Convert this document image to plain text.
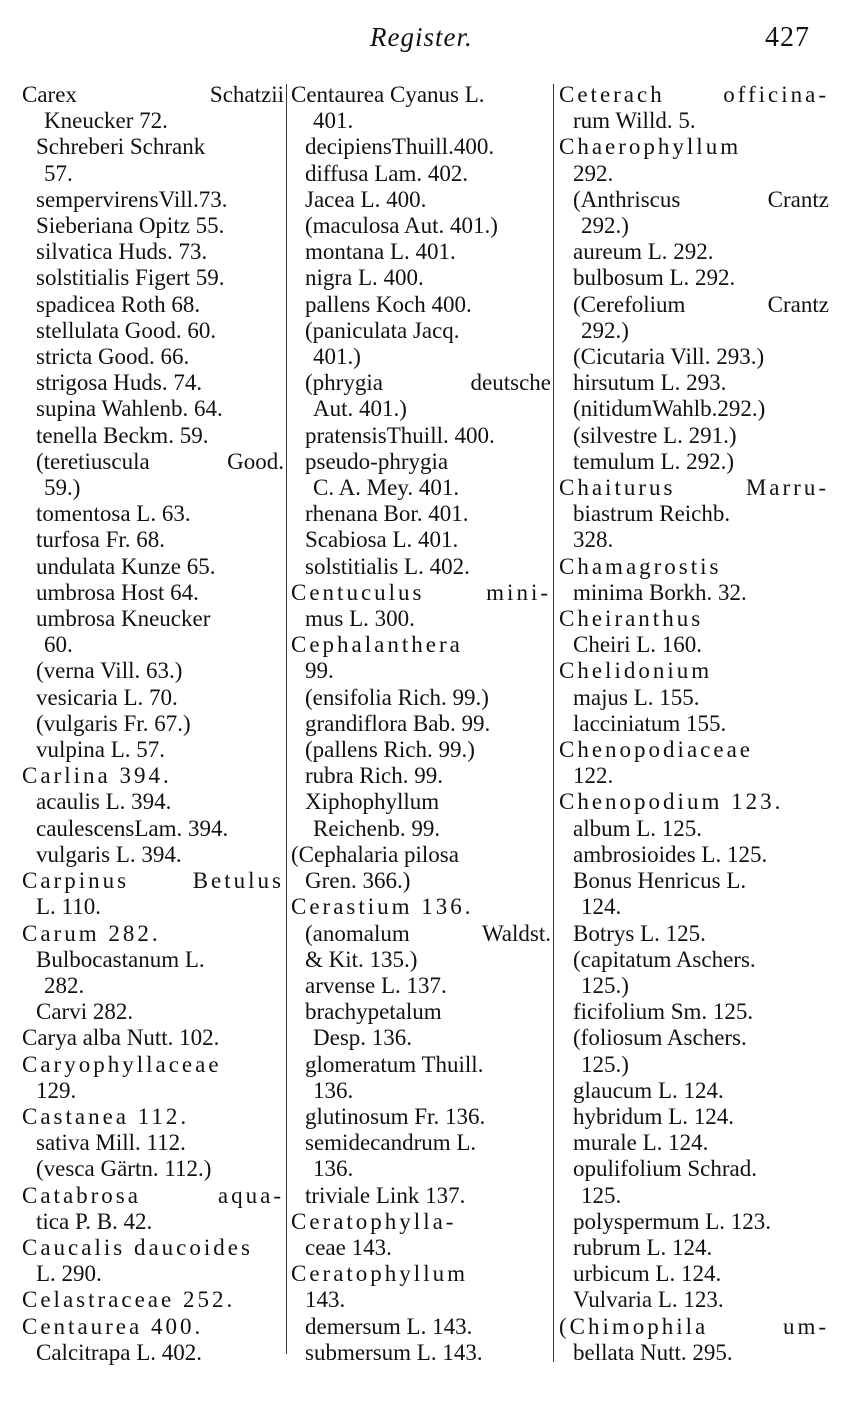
Register.	427
Carex Schatzii
Kneucker 72.
Schreberi Schrank
57.
sempervirensVill.73.
Sieberiana Opitz 55.
silvatica Huds. 73.
solstitialis Figert 59.
spadicea Roth 68.
stellulata Good. 60.
stricta Good. 66.
strigosa Huds. 74.
supina Wahlenb. 64.
tenella Beckm. 59.
(teretiuscula Good.
59.)
tomentosa L. 63.
turfosa Fr. 68.
undulata Kunze 65.
umbrosa Host 64.
umbrosa Kneucker
60.
(verna Vill. 63.)
vesicaria L. 70.
(vulgaris Fr. 67.)
vulpina L. 57.
Carlina 394.
acaulis L. 394.
caulescensLam. 394.
vulgaris L. 394.
Carpinus Betulus
L. 110.
Carum 282.
Bulbocastanum L.
282.
Carvi 282.
Carya alba Nutt. 102.
Caryophyllaceae
129.
Castanea 112.
sativa Mill. 112.
(vesca Gärtn. 112.)
Catabrosa aqua-
tica P. B. 42.
Caucalis daucoides
L. 290.
Celastraceae 252.
Centaurea 400.
Calcitrapa L. 402.
Centaurea Cyanus L.
401.
decipiensThuill.400.
diffusa Lam. 402.
Jacea L. 400.
(maculosa Aut. 401.)
montana L. 401.
nigra L. 400.
pallens Koch 400.
(paniculata Jacq.
401.)
(phrygia deutsche
Aut. 401.)
pratensisThuill. 400.
pseudo-phrygia
C. A. Mey. 401.
rhenana Bor. 401.
Scabiosa L. 401.
solstitialis L. 402.
Centuculus mini-
mus L. 300.
Cephalanthera
99.
(ensifolia Rich. 99.)
grandiflora Bab. 99.
(pallens Rich. 99.)
rubra Rich. 99.
Xiphophyllum
Reichenb. 99.
(Cephalaria pilosa
Gren. 366.)
Cerastium 136.
(anomalum Waldst.
& Kit. 135.)
arvense L. 137.
brachypetalum
Desp. 136.
glomeratum Thuill.
136.
glutinosum Fr. 136.
semidecandrum L.
136.
triviale Link 137.
Ceratophylla-
ceae 143.
Ceratophyllum
143.
demersum L. 143.
submersum L. 143.
Ceterach officina-
rum Willd. 5.
Chaerophyllum
292.
(Anthriscus Crantz
292.)
aureum L. 292.
bulbosum L. 292.
(Cerefolium Crantz
292.)
(Cicutaria Vill. 293.)
hirsutum L. 293.
(nitidumWahlb.292.)
(silvestre L. 291.)
temulum L. 292.)
Chaiturus Marru-
biastrum Reichb.
328.
Chamagrostis
minima Borkh. 32.
Cheiranthus
Cheiri L. 160.
Chelidonium
majus L. 155.
lacciniatum 155.
Chenopodiaceae
122.
Chenopodium 123.
album L. 125.
ambrosioides L. 125.
Bonus Henricus L.
124.
Botrys L. 125.
(capitatum Aschers.
125.)
ficifolium Sm. 125.
(foliosum Aschers.
125.)
glaucum L. 124.
hybridum L. 124.
murale L. 124.
opulifolium Schrad.
125.
polyspermum L. 123.
rubrum L. 124.
urbicum L. 124.
Vulvaria L. 123.
(Chimophila um-
bellata Nutt. 295.
